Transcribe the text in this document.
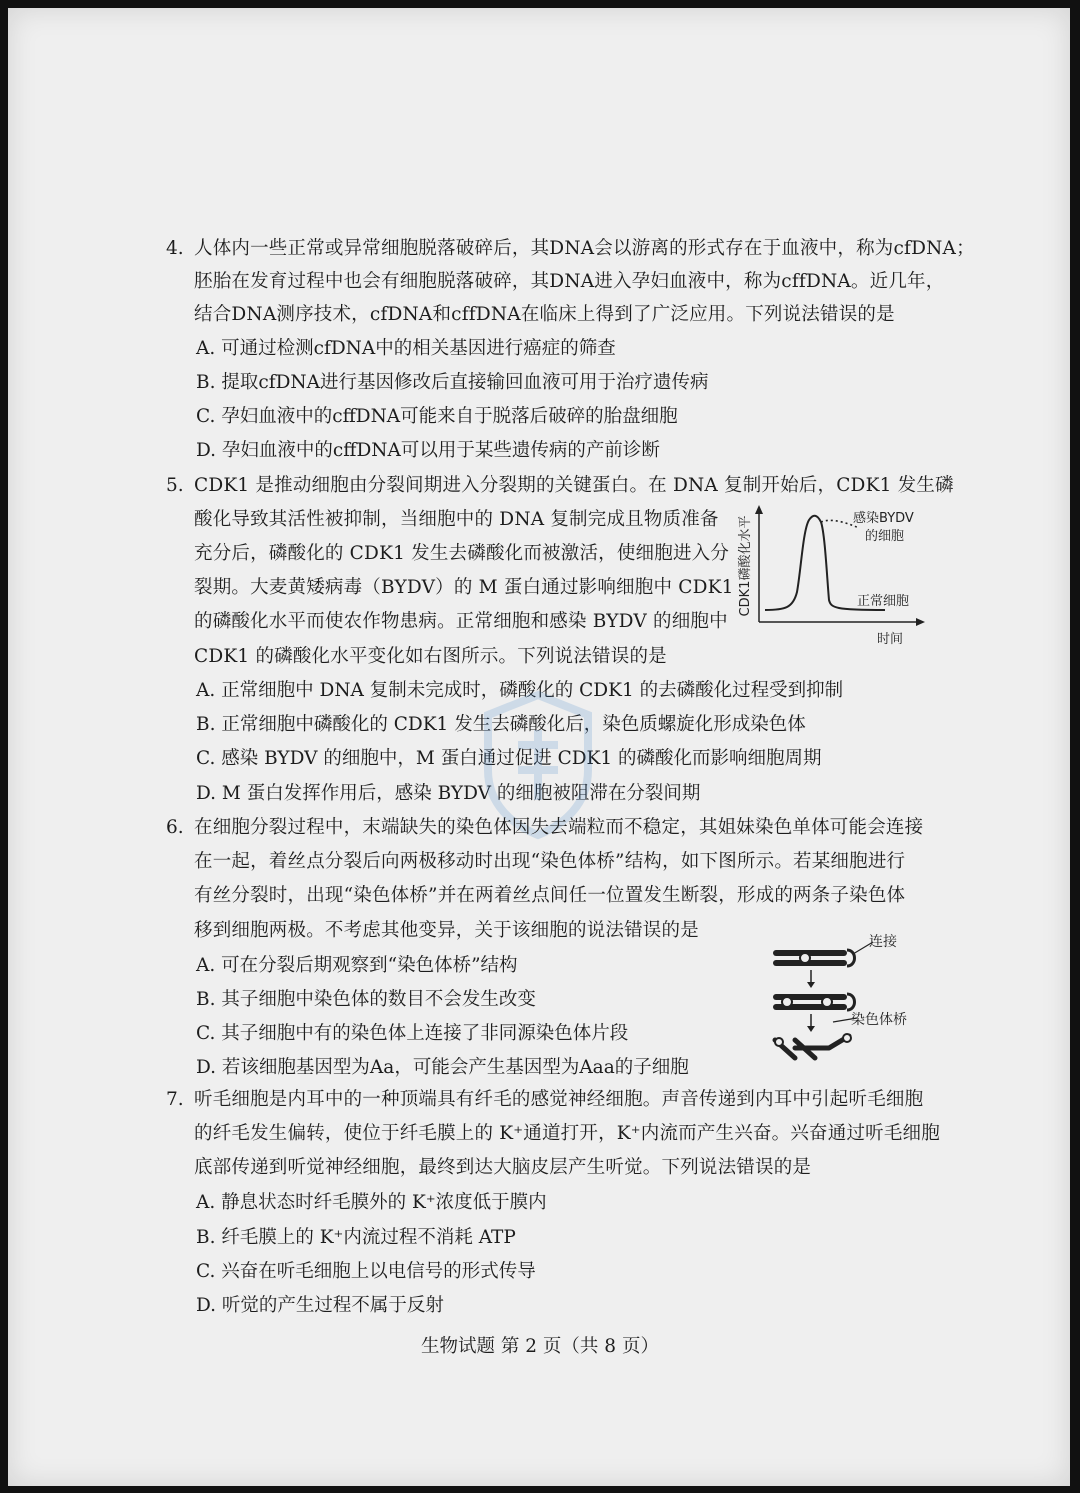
4. 人体内一些正常或异常细胞脱落破碎后，其DNA会以游离的形式存在于血液中，称为cfDNA；
胚胎在发育过程中也会有细胞脱落破碎，其DNA进入孕妇血液中，称为cffDNA。近几年，
结合DNA测序技术，cfDNA和cffDNA在临床上得到了广泛应用。下列说法错误的是
A. 可通过检测cfDNA中的相关基因进行癌症的筛查
B. 提取cfDNA进行基因修改后直接输回血液可用于治疗遗传病
C. 孕妇血液中的cffDNA可能来自于脱落后破碎的胎盘细胞
D. 孕妇血液中的cffDNA可以用于某些遗传病的产前诊断
5. CDK1 是推动细胞由分裂间期进入分裂期的关键蛋白。在 DNA 复制开始后，CDK1 发生磷
酸化导致其活性被抑制，当细胞中的 DNA 复制完成且物质准备
充分后，磷酸化的 CDK1 发生去磷酸化而被激活，使细胞进入分
裂期。大麦黄矮病毒（BYDV）的 M 蛋白通过影响细胞中 CDK1
的磷酸化水平而使农作物患病。正常细胞和感染 BYDV 的细胞中
CDK1 的磷酸化水平变化如右图所示。下列说法错误的是
CDK1磷酸化水平
时间
感染BYDV
的细胞
正常细胞
A. 正常细胞中 DNA 复制未完成时，磷酸化的 CDK1 的去磷酸化过程受到抑制
B. 正常细胞中磷酸化的 CDK1 发生去磷酸化后，染色质螺旋化形成染色体
C. 感染 BYDV 的细胞中，M 蛋白通过促进 CDK1 的磷酸化而影响细胞周期
D. M 蛋白发挥作用后，感染 BYDV 的细胞被阻滞在分裂间期
6. 在细胞分裂过程中，末端缺失的染色体因失去端粒而不稳定，其姐妹染色单体可能会连接
在一起，着丝点分裂后向两极移动时出现“染色体桥”结构，如下图所示。若某细胞进行
有丝分裂时，出现“染色体桥”并在两着丝点间任一位置发生断裂，形成的两条子染色体
移到细胞两极。不考虑其他变异，关于该细胞的说法错误的是
A. 可在分裂后期观察到“染色体桥”结构
B. 其子细胞中染色体的数目不会发生改变
C. 其子细胞中有的染色体上连接了非同源染色体片段
D. 若该细胞基因型为Aa，可能会产生基因型为Aaa的子细胞
连接
染色体桥
7. 听毛细胞是内耳中的一种顶端具有纤毛的感觉神经细胞。声音传递到内耳中引起听毛细胞
的纤毛发生偏转，使位于纤毛膜上的 K⁺通道打开，K⁺内流而产生兴奋。兴奋通过听毛细胞
底部传递到听觉神经细胞，最终到达大脑皮层产生听觉。下列说法错误的是
A. 静息状态时纤毛膜外的 K⁺浓度低于膜内
B. 纤毛膜上的 K⁺内流过程不消耗 ATP
C. 兴奋在听毛细胞上以电信号的形式传导
D. 听觉的产生过程不属于反射
生物试题 第 2 页（共 8 页）
